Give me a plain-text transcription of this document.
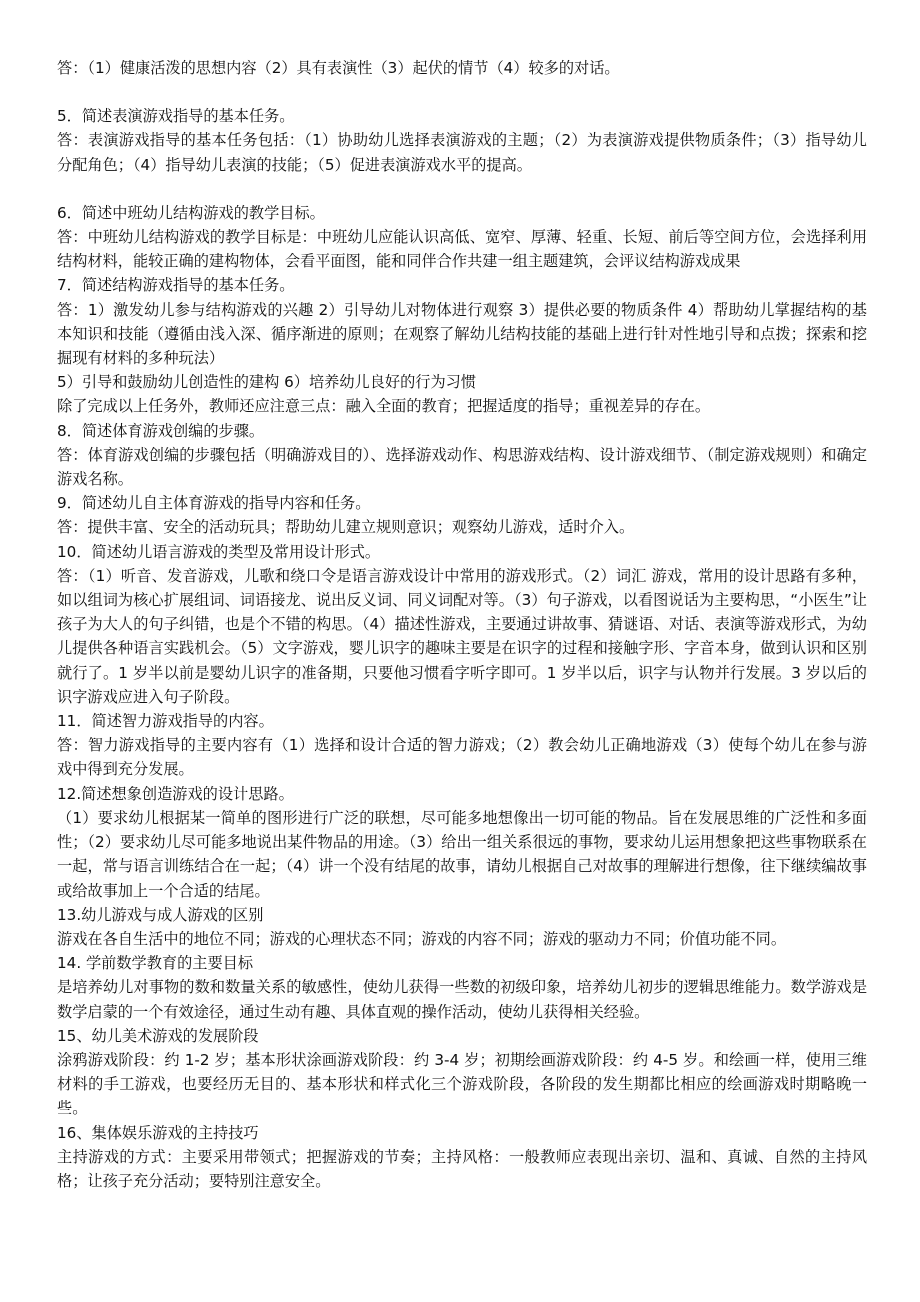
答：（1）健康活泼的思想内容（2）具有表演性（3）起伏的情节（4）较多的对话。
5．简述表演游戏指导的基本任务。
答：表演游戏指导的基本任务包括：（1）协助幼儿选择表演游戏的主题；（2）为表演游戏提供物质条件；（3）指导幼儿分配角色；（4）指导幼儿表演的技能；（5）促进表演游戏水平的提高。
6．简述中班幼儿结构游戏的教学目标。
答：中班幼儿结构游戏的教学目标是：中班幼儿应能认识高低、宽窄、厚薄、轻重、长短、前后等空间方位，会选择利用结构材料，能较正确的建构物体，会看平面图，能和同伴合作共建一组主题建筑，会评议结构游戏成果
7．简述结构游戏指导的基本任务。
答：1）激发幼儿参与结构游戏的兴趣 2）引导幼儿对物体进行观察 3）提供必要的物质条件 4）帮助幼儿掌握结构的基本知识和技能（遵循由浅入深、循序渐进的原则；在观察了解幼儿结构技能的基础上进行针对性地引导和点拨；探索和挖掘现有材料的多种玩法）
5）引导和鼓励幼儿创造性的建构 6）培养幼儿良好的行为习惯
除了完成以上任务外，教师还应注意三点：融入全面的教育；把握适度的指导；重视差异的存在。
8．简述体育游戏创编的步骤。
答：体育游戏创编的步骤包括（明确游戏目的）、选择游戏动作、构思游戏结构、设计游戏细节、（制定游戏规则）和确定游戏名称。
9．简述幼儿自主体育游戏的指导内容和任务。
答：提供丰富、安全的活动玩具；帮助幼儿建立规则意识；观察幼儿游戏，适时介入。
10．简述幼儿语言游戏的类型及常用设计形式。
答：（1）听音、发音游戏，儿歌和绕口令是语言游戏设计中常用的游戏形式。（2）词汇 游戏，常用的设计思路有多种，如以组词为核心扩展组词、词语接龙、说出反义词、同义词配对等。（3）句子游戏，以看图说话为主要构思，“小医生”让孩子为大人的句子纠错，也是个不错的构思。（4）描述性游戏，主要通过讲故事、猜谜语、对话、表演等游戏形式，为幼儿提供各种语言实践机会。（5）文字游戏，婴儿识字的趣味主要是在识字的过程和接触字形、字音本身，做到认识和区别就行了。1 岁半以前是婴幼儿识字的准备期，只要他习惯看字听字即可。1 岁半以后，识字与认物并行发展。3 岁以后的识字游戏应进入句子阶段。
11．简述智力游戏指导的内容。
答：智力游戏指导的主要内容有（1）选择和设计合适的智力游戏；（2）教会幼儿正确地游戏（3）使每个幼儿在参与游戏中得到充分发展。
12.简述想象创造游戏的设计思路。
（1）要求幼儿根据某一简单的图形进行广泛的联想，尽可能多地想像出一切可能的物品。旨在发展思维的广泛性和多面性；（2）要求幼儿尽可能多地说出某件物品的用途。（3）给出一组关系很远的事物，要求幼儿运用想象把这些事物联系在一起，常与语言训练结合在一起；（4）讲一个没有结尾的故事，请幼儿根据自己对故事的理解进行想像，往下继续编故事或给故事加上一个合适的结尾。
13.幼儿游戏与成人游戏的区别
游戏在各自生活中的地位不同；游戏的心理状态不同；游戏的内容不同；游戏的驱动力不同；价值功能不同。
14. 学前数学教育的主要目标
是培养幼儿对事物的数和数量关系的敏感性，使幼儿获得一些数的初级印象，培养幼儿初步的逻辑思维能力。数学游戏是数学启蒙的一个有效途径，通过生动有趣、具体直观的操作活动，使幼儿获得相关经验。
15、幼儿美术游戏的发展阶段
涂鸦游戏阶段：约 1-2 岁；基本形状涂画游戏阶段：约 3-4 岁；初期绘画游戏阶段：约 4-5 岁。和绘画一样，使用三维材料的手工游戏，也要经历无目的、基本形状和样式化三个游戏阶段，各阶段的发生期都比相应的绘画游戏时期略晚一些。
16、集体娱乐游戏的主持技巧
主持游戏的方式：主要采用带领式；把握游戏的节奏；主持风格：一般教师应表现出亲切、温和、真诚、自然的主持风格；让孩子充分活动；要特别注意安全。
